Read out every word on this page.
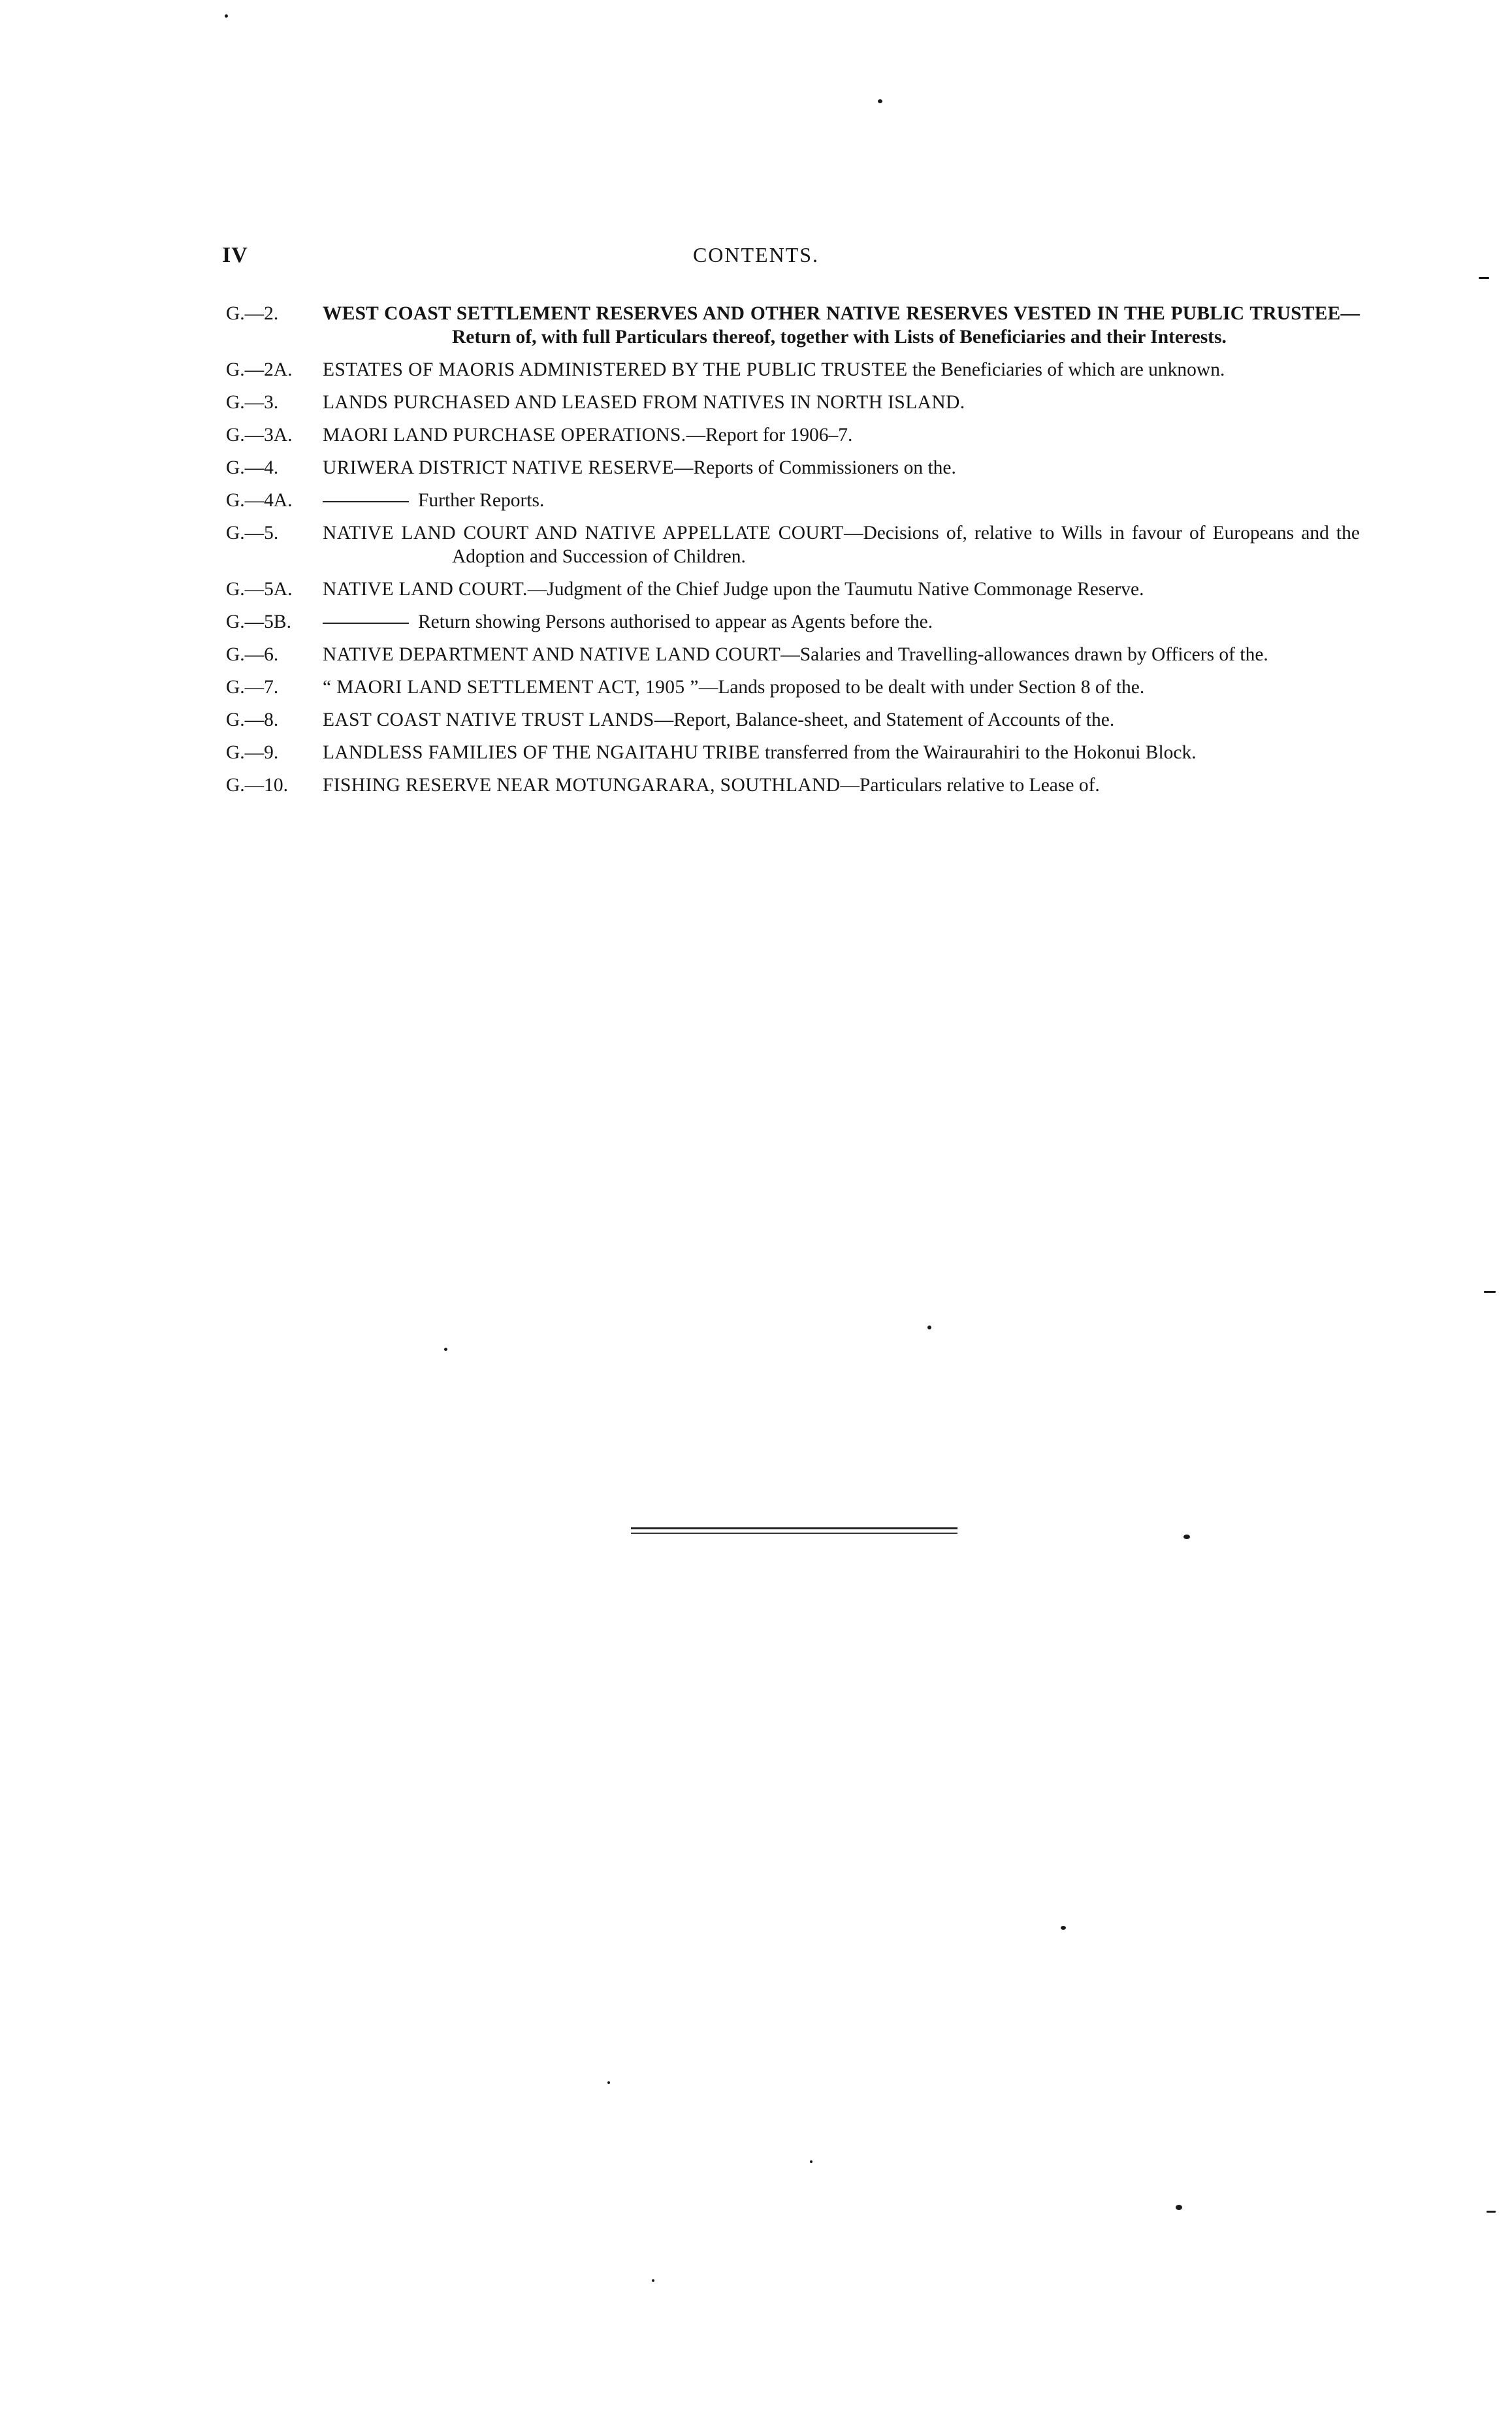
IV	CONTENTS.
G.—2.	WEST COAST SETTLEMENT RESERVES AND OTHER NATIVE RESERVES VESTED IN THE PUBLIC TRUSTEE—Return of, with full Particulars thereof, together with Lists of Beneficiaries and their Interests.
G.—2A.	ESTATES OF MAORIS ADMINISTERED BY THE PUBLIC TRUSTEE the Beneficiaries of which are unknown.
G.—3.	LANDS PURCHASED AND LEASED FROM NATIVES IN NORTH ISLAND.
G.—3A.	MAORI LAND PURCHASE OPERATIONS.—Report for 1906–7.
G.—4.	URIWERA DISTRICT NATIVE RESERVE—Reports of Commissioners on the.
G.—4A.	Further Reports.
G.—5.	NATIVE LAND COURT AND NATIVE APPELLATE COURT—Decisions of, relative to Wills in favour of Europeans and the Adoption and Succession of Children.
G.—5A.	NATIVE LAND COURT.—Judgment of the Chief Judge upon the Taumutu Native Commonage Reserve.
G.—5B.	Return showing Persons authorised to appear as Agents before the.
G.—6.	NATIVE DEPARTMENT AND NATIVE LAND COURT—Salaries and Travelling-allowances drawn by Officers of the.
G.—7.	“ MAORI LAND SETTLEMENT ACT, 1905 ”—Lands proposed to be dealt with under Section 8 of the.
G.—8.	EAST COAST NATIVE TRUST LANDS—Report, Balance-sheet, and Statement of Accounts of the.
G.—9.	LANDLESS FAMILIES OF THE NGAITAHU TRIBE transferred from the Wairaurahiri to the Hokonui Block.
G.—10.	FISHING RESERVE NEAR MOTUNGARARA, SOUTHLAND—Particulars relative to Lease of.
